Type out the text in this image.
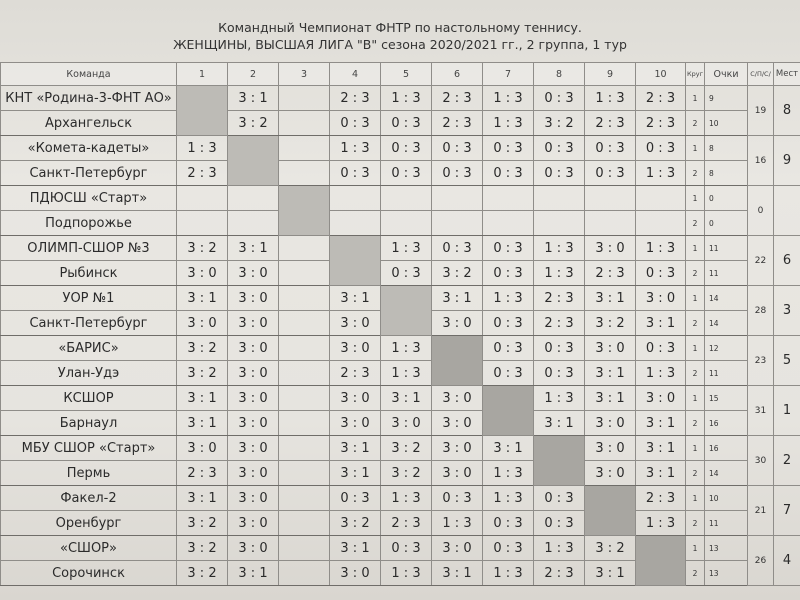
Командный Чемпионат ФНТР по настольному теннису.
ЖЕНЩИНЫ, ВЫСШАЯ ЛИГА "В" сезона 2020/2021 гг., 2 группа, 1 тур
Команда	1	2	3	4	5	6	7	8	9	10	Круг	Очки	С/П/С/	Мест
КНТ «Родина-3-ФНТ АО»		3 : 1		2 : 3	1 : 3	2 : 3	1 : 3	0 : 3	1 : 3	2 : 3	1	9	19	8
Архангельск		3 : 2		0 : 3	0 : 3	2 : 3	1 : 3	3 : 2	2 : 3	2 : 3	2	10		
«Комета-кадеты»	1 : 3			1 : 3	0 : 3	0 : 3	0 : 3	0 : 3	0 : 3	0 : 3	1	8	16	9
Санкт-Петербург	2 : 3			0 : 3	0 : 3	0 : 3	0 : 3	0 : 3	0 : 3	1 : 3	2	8		
ПДЮСШ «Старт»											1	0	0	
Подпорожье											2	0		
ОЛИМП-СШОР №3	3 : 2	3 : 1			1 : 3	0 : 3	0 : 3	1 : 3	3 : 0	1 : 3	1	11	22	6
Рыбинск	3 : 0	3 : 0			0 : 3	3 : 2	0 : 3	1 : 3	2 : 3	0 : 3	2	11		
УОР №1	3 : 1	3 : 0		3 : 1		3 : 1	1 : 3	2 : 3	3 : 1	3 : 0	1	14	28	3
Санкт-Петербург	3 : 0	3 : 0		3 : 0		3 : 0	0 : 3	2 : 3	3 : 2	3 : 1	2	14		
«БАРИС»	3 : 2	3 : 0		3 : 0	1 : 3		0 : 3	0 : 3	3 : 0	0 : 3	1	12	23	5
Улан-Удэ	3 : 2	3 : 0		2 : 3	1 : 3		0 : 3	0 : 3	3 : 1	1 : 3	2	11		
КСШОР	3 : 1	3 : 0		3 : 0	3 : 1	3 : 0		1 : 3	3 : 1	3 : 0	1	15	31	1
Барнаул	3 : 1	3 : 0		3 : 0	3 : 0	3 : 0		3 : 1	3 : 0	3 : 1	2	16		
МБУ СШОР «Старт»	3 : 0	3 : 0		3 : 1	3 : 2	3 : 0	3 : 1		3 : 0	3 : 1	1	16	30	2
Пермь	2 : 3	3 : 0		3 : 1	3 : 2	3 : 0	1 : 3		3 : 0	3 : 1	2	14		
Факел-2	3 : 1	3 : 0		0 : 3	1 : 3	0 : 3	1 : 3	0 : 3		2 : 3	1	10	21	7
Оренбург	3 : 2	3 : 0		3 : 2	2 : 3	1 : 3	0 : 3	0 : 3		1 : 3	2	11		
«СШОР»	3 : 2	3 : 0		3 : 1	0 : 3	3 : 0	0 : 3	1 : 3	3 : 2		1	13	26	4
Сорочинск	3 : 2	3 : 1		3 : 0	1 : 3	3 : 1	1 : 3	2 : 3	3 : 1		2	13		
